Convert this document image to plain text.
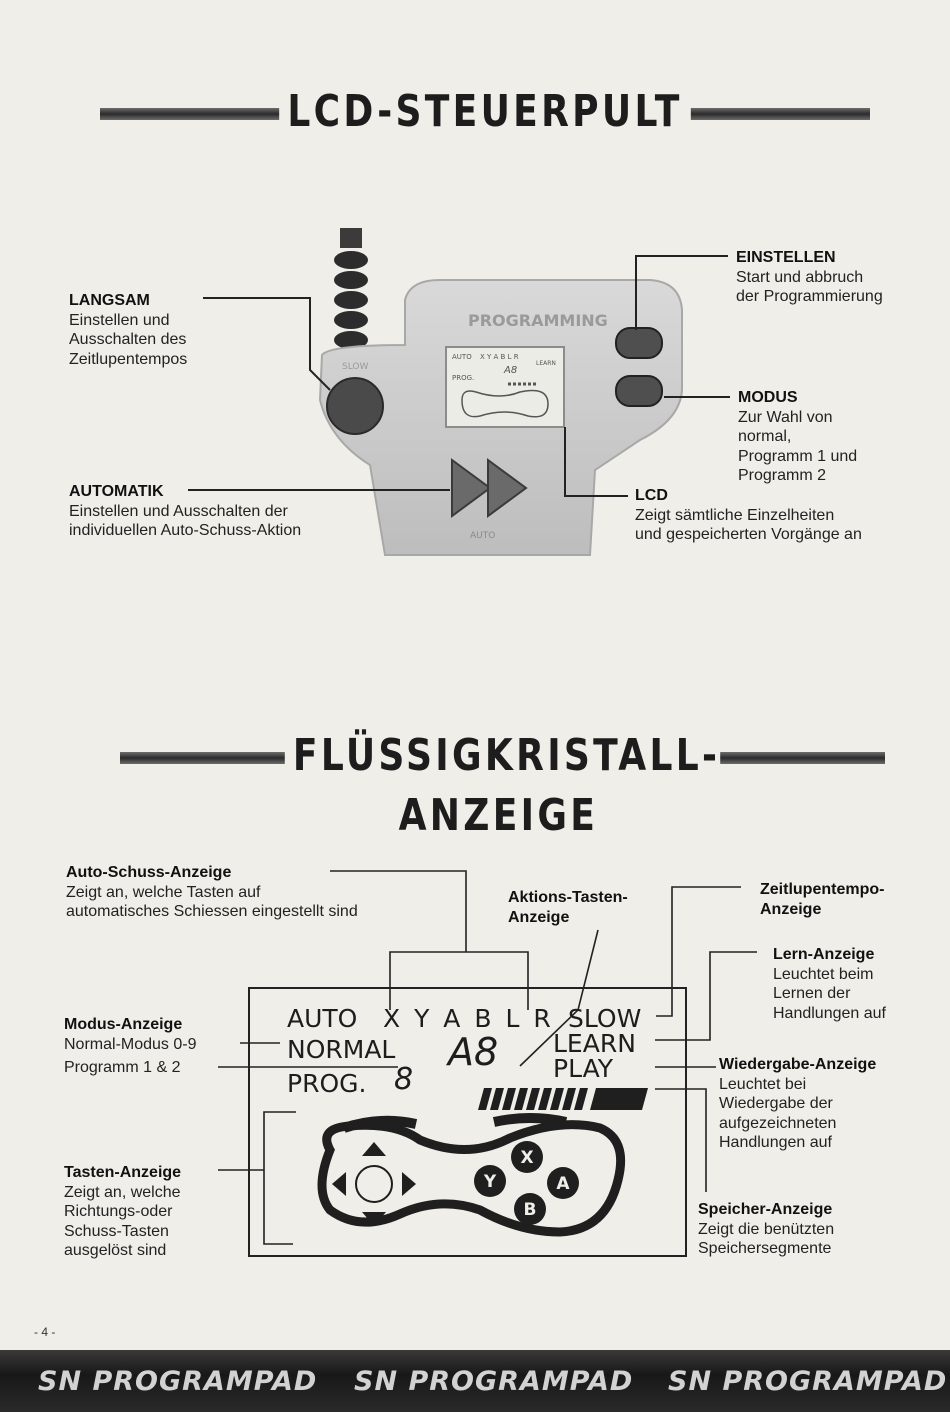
LCD-STEUERPULT
PROGRAMMING
SLOW
AUTO X Y A B L R
LEARN
PROG.
A8
AUTO
LANGSAM
Einstellen und
Ausschalten des
Zeitlupentempos
AUTOMATIK
Einstellen und Ausschalten der
individuellen Auto-Schuss-Aktion
EINSTELLEN
Start und abbruch
der Programmierung
MODUS
Zur Wahl von
normal,
Programm 1 und
Programm 2
LCD
Zeigt sämtliche Einzelheiten
und gespeicherten Vorgänge an
FLÜSSIGKRISTALL-ANZEIGE
X
Y	A
B
AUTO X Y A B L R SLOW
NORMAL A8 LEARN
PROG. 8	PLAY
Auto-Schuss-Anzeige
Zeigt an, welche Tasten auf
automatisches Schiessen eingestellt sind
Aktions-Tasten-
Anzeige
Zeitlupentempo-
Anzeige
Lern-Anzeige
Leuchtet beim
Lernen der
Handlungen auf
Modus-Anzeige
Normal-Modus 0-9
Programm 1 & 2	Wiedergabe-Anzeige
Leuchtet bei
Wiedergabe der
aufgezeichneten
Handlungen auf
Tasten-Anzeige
Zeigt an, welche
Richtungs-oder
Schuss-Tasten
ausgelöst sind
Speicher-Anzeige
Zeigt die benützten
Speichersegmente
- 4 -
SN PROGRAMPAD SN PROGRAMPAD SN PROGRAMPAD
